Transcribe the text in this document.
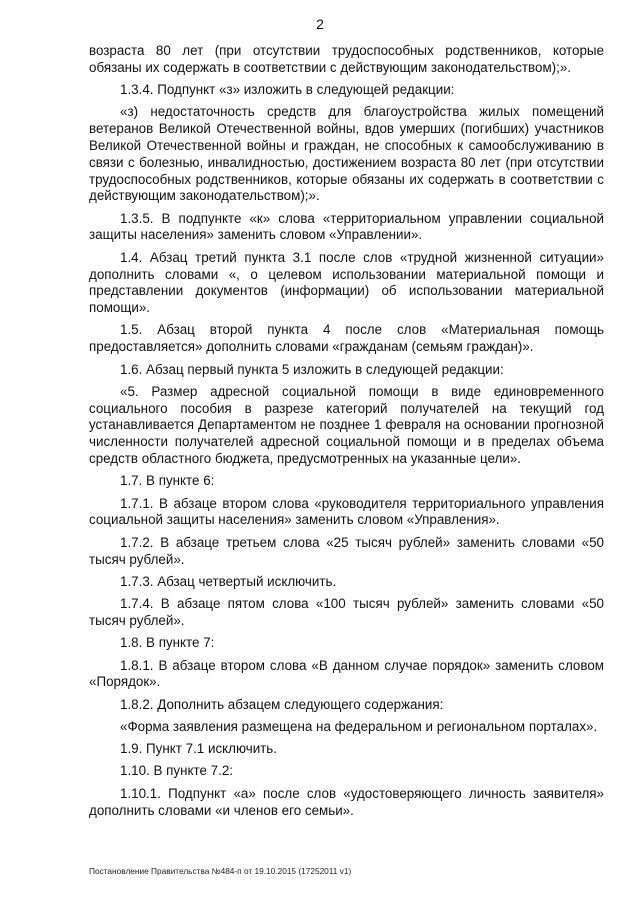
2

возраста 80 лет (при отсутствии трудоспособных родственников, которые обязаны их содержать в соответствии с действующим законодательством);».

1.3.4. Подпункт «з» изложить в следующей редакции:

«з) недостаточность средств для благоустройства жилых помещений ветеранов Великой Отечественной войны, вдов умерших (погибших) участников Великой Отечественной войны и граждан, не способных к самообслуживанию в связи с болезнью, инвалидностью, достижением возраста 80 лет (при отсутствии трудоспособных родственников, которые обязаны их содержать в соответствии с действующим законодательством);».

1.3.5. В подпункте «к» слова «территориальном управлении социальной защиты населения» заменить словом «Управлении».

1.4. Абзац третий пункта 3.1 после слов «трудной жизненной ситуации» дополнить словами «, о целевом использовании материальной помощи и представлении документов (информации) об использовании материальной помощи».

1.5. Абзац второй пункта 4 после слов «Материальная помощь предоставляется» дополнить словами «гражданам (семьям граждан)».

1.6. Абзац первый пункта 5 изложить в следующей редакции:

«5. Размер адресной социальной помощи в виде единовременного социального пособия в разрезе категорий получателей на текущий год устанавливается Департаментом не позднее 1 февраля на основании прогнозной численности получателей адресной социальной помощи и в пределах объема средств областного бюджета, предусмотренных на указанные цели».

1.7. В пункте 6:

1.7.1. В абзаце втором слова «руководителя территориального управления социальной защиты населения» заменить словом «Управления».

1.7.2. В абзаце третьем слова «25 тысяч рублей» заменить словами «50 тысяч рублей».

1.7.3. Абзац четвертый исключить.

1.7.4. В абзаце пятом слова «100 тысяч рублей» заменить словами «50 тысяч рублей».

1.8. В пункте 7:

1.8.1. В абзаце втором слова «В данном случае порядок» заменить словом «Порядок».

1.8.2. Дополнить абзацем следующего содержания:

«Форма заявления размещена на федеральном и региональном порталах».

1.9. Пункт 7.1 исключить.

1.10. В пункте 7.2:

1.10.1. Подпункт «а» после слов «удостоверяющего личность заявителя» дополнить словами «и членов его семьи».

Постановление Правительства №484-п от 19.10.2015 (17252011 v1)
